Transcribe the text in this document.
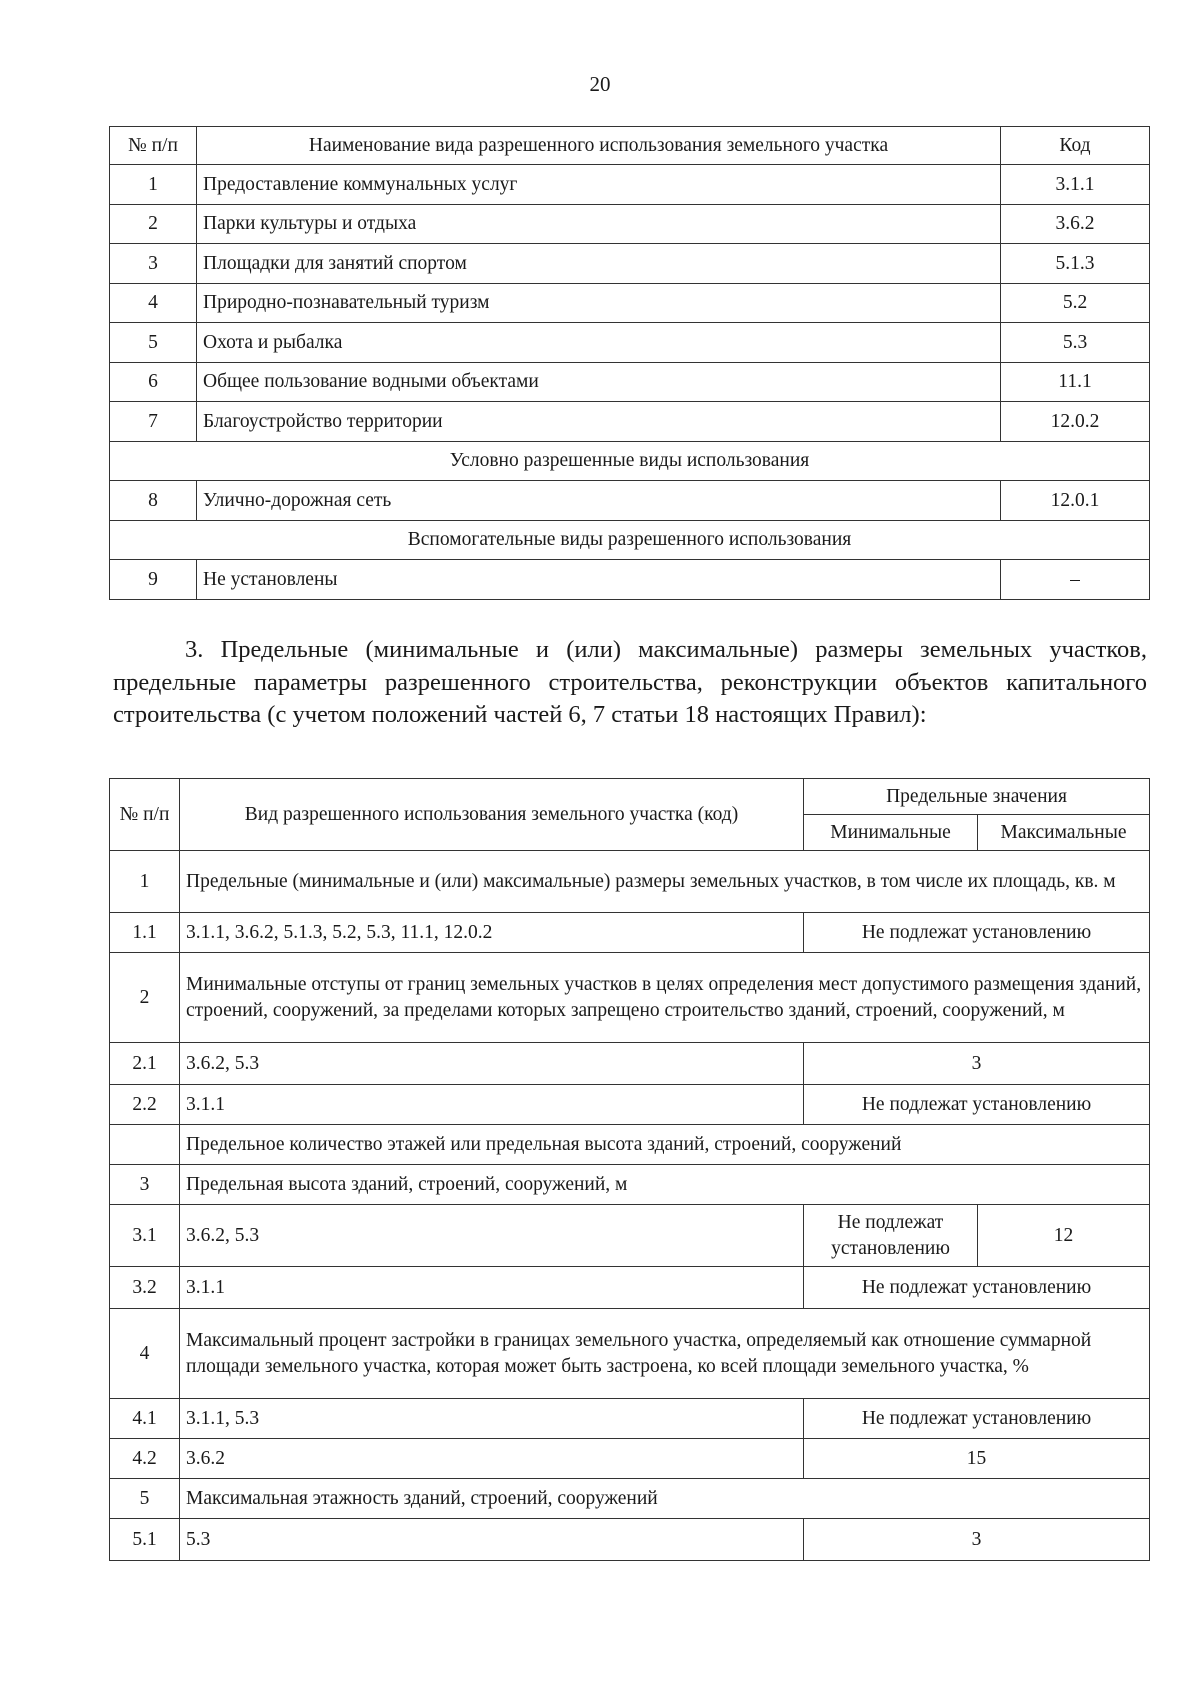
20
№ п/п	Наименование вида разрешенного использования земельного участка	Код
1	Предоставление коммунальных услуг	3.1.1
2	Парки культуры и отдыха	3.6.2
3	Площадки для занятий спортом	5.1.3
4	Природно-познавательный туризм	5.2
5	Охота и рыбалка	5.3
6	Общее пользование водными объектами	11.1
7	Благоустройство территории	12.0.2
Условно разрешенные виды использования		
8	Улично-дорожная сеть	12.0.1
Вспомогательные виды разрешенного использования		
9	Не установлены	–
3. Предельные (минимальные и (или) максимальные) размеры земельных участков, предельные параметры разрешенного строительства, реконструкции объектов капитального строительства (с учетом положений частей 6, 7 статьи 18 настоящих Правил):
№ п/п	Вид разрешенного использования земельного участка (код)	Предельные значения	
		Минимальные	Максимальные
1	Предельные (минимальные и (или) максимальные) размеры земельных участков, в том числе их площадь, кв. м		
1.1	3.1.1, 3.6.2, 5.1.3, 5.2, 5.3, 11.1, 12.0.2	Не подлежат установлению	
2	Минимальные отступы от границ земельных участков в целях определения мест допустимого размещения зданий, строений, сооружений, за пределами которых запрещено строительство зданий, строений, сооружений, м		
2.1	3.6.2, 5.3	3	
2.2	3.1.1	Не подлежат установлению	
	Предельное количество этажей или предельная высота зданий, строений, сооружений		
3	Предельная высота зданий, строений, сооружений, м		
3.1	3.6.2, 5.3	Не подлежат установлению	12
3.2	3.1.1	Не подлежат установлению	
4	Максимальный процент застройки в границах земельного участка, определяемый как отношение суммарной площади земельного участка, которая может быть застроена, ко всей площади земельного участка, %		
4.1	3.1.1, 5.3	Не подлежат установлению	
4.2	3.6.2	15	
5	Максимальная этажность зданий, строений, сооружений		
5.1	5.3	3	
